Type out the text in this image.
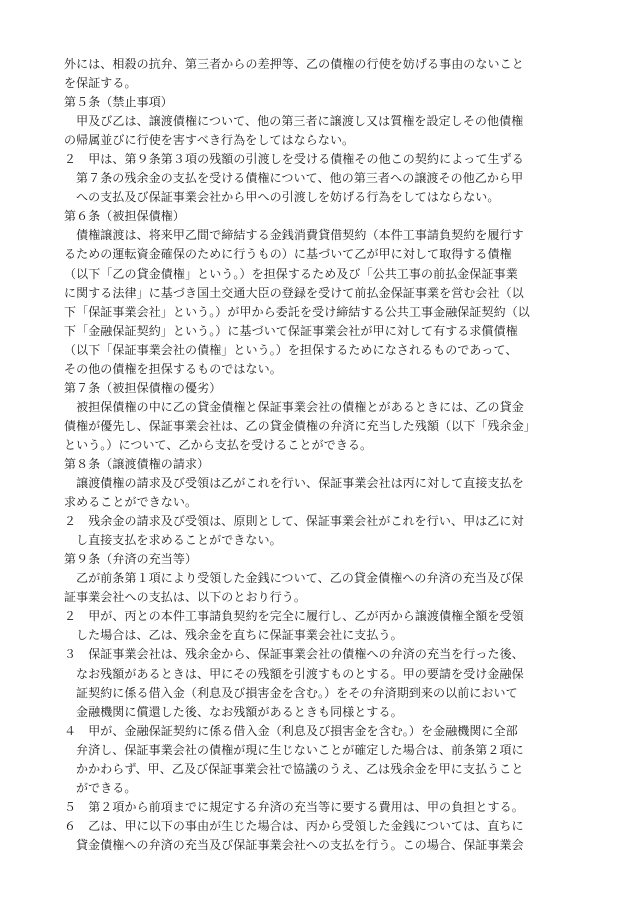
外には、相殺の抗弁、第三者からの差押等、乙の債権の行使を妨げる事由のないこと
を保証する。
第５条（禁止事項）
　甲及び乙は、譲渡債権について、他の第三者に譲渡し又は質権を設定しその他債権
の帰属並びに行使を害すべき行為をしてはならない。
２　甲は、第９条第３項の残額の引渡しを受ける債権その他この契約によって生ずる
第７条の残余金の支払を受ける債権について、他の第三者への譲渡その他乙から甲
への支払及び保証事業会社から甲への引渡しを妨げる行為をしてはならない。
第６条（被担保債権）
　債権譲渡は、将来甲乙間で締結する金銭消費貸借契約（本件工事請負契約を履行す
るための運転資金確保のために行うもの）に基づいて乙が甲に対して取得する債権
（以下「乙の貸金債権」という。）を担保するため及び「公共工事の前払金保証事業
に関する法律」に基づき国土交通大臣の登録を受けて前払金保証事業を営む会社（以
下「保証事業会社」という。）が甲から委託を受け締結する公共工事金融保証契約（以
下「金融保証契約」という。）に基づいて保証事業会社が甲に対して有する求償債権
（以下「保証事業会社の債権」という。）を担保するためになされるものであって、
その他の債権を担保するものではない。
第７条（被担保債権の優劣）
　被担保債権の中に乙の貸金債権と保証事業会社の債権とがあるときには、乙の貸金
債権が優先し、保証事業会社は、乙の貸金債権の弁済に充当した残額（以下「残余金」
という。）について、乙から支払を受けることができる。
第８条（譲渡債権の請求）
　譲渡債権の請求及び受領は乙がこれを行い、保証事業会社は丙に対して直接支払を
求めることができない。
２　残余金の請求及び受領は、原則として、保証事業会社がこれを行い、甲は乙に対
し直接支払を求めることができない。
第９条（弁済の充当等）
　乙が前条第１項により受領した金銭について、乙の貸金債権への弁済の充当及び保
証事業会社への支払は、以下のとおり行う。
２　甲が、丙との本件工事請負契約を完全に履行し、乙が丙から譲渡債権全額を受領
した場合は、乙は、残余金を直ちに保証事業会社に支払う。
３　保証事業会社は、残余金から、保証事業会社の債権への弁済の充当を行った後、
なお残額があるときは、甲にその残額を引渡すものとする。甲の要請を受け金融保
証契約に係る借入金（利息及び損害金を含む。）をその弁済期到来の以前において
金融機関に償還した後、なお残額があるときも同様とする。
４　甲が、金融保証契約に係る借入金（利息及び損害金を含む。）を金融機関に全部
弁済し、保証事業会社の債権が現に生じないことが確定した場合は、前条第２項に
かかわらず、甲、乙及び保証事業会社で協議のうえ、乙は残余金を甲に支払うこと
ができる。
５　第２項から前項までに規定する弁済の充当等に要する費用は、甲の負担とする。
６　乙は、甲に以下の事由が生じた場合は、丙から受領した金銭については、直ちに
貸金債権への弁済の充当及び保証事業会社への支払を行う。この場合、保証事業会
